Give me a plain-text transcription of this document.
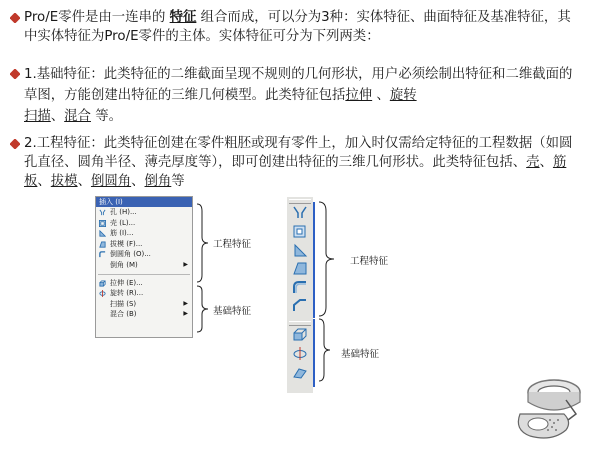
Pro/E零件是由一连串的 特征 组合而成，可以分为3种：实体特征、曲面特征及基准特征，其中实体特征为Pro/E零件的主体。实体特征可分为下列两类：
1.基础特征：此类特征的二维截面呈现不规则的几何形状，用户必须绘制出特征和二维截面的草图，方能创建出特征的三维几何模型。此类特征包括拉伸 、旋转
扫描、混合 等。
2.工程特征：此类特征创建在零件粗胚或现有零件上，加入时仅需给定特征的工程数据（如圆孔直径、圆角半径、薄壳厚度等），即可创建出特征的三维几何形状。此类特征包括、壳、筋板、拔模、倒圆角、倒角等
插入 (I)
孔 (H)...
壳 (L)...
筋 (I)...
拔模 (F)...
倒圆角 (O)...
倒角 (M)	▶
拉伸 (E)...
旋转 (R)...
扫描 (S)	▶
混合 (B)	▶
工程特征
基础特征
工程特征
基础特征
